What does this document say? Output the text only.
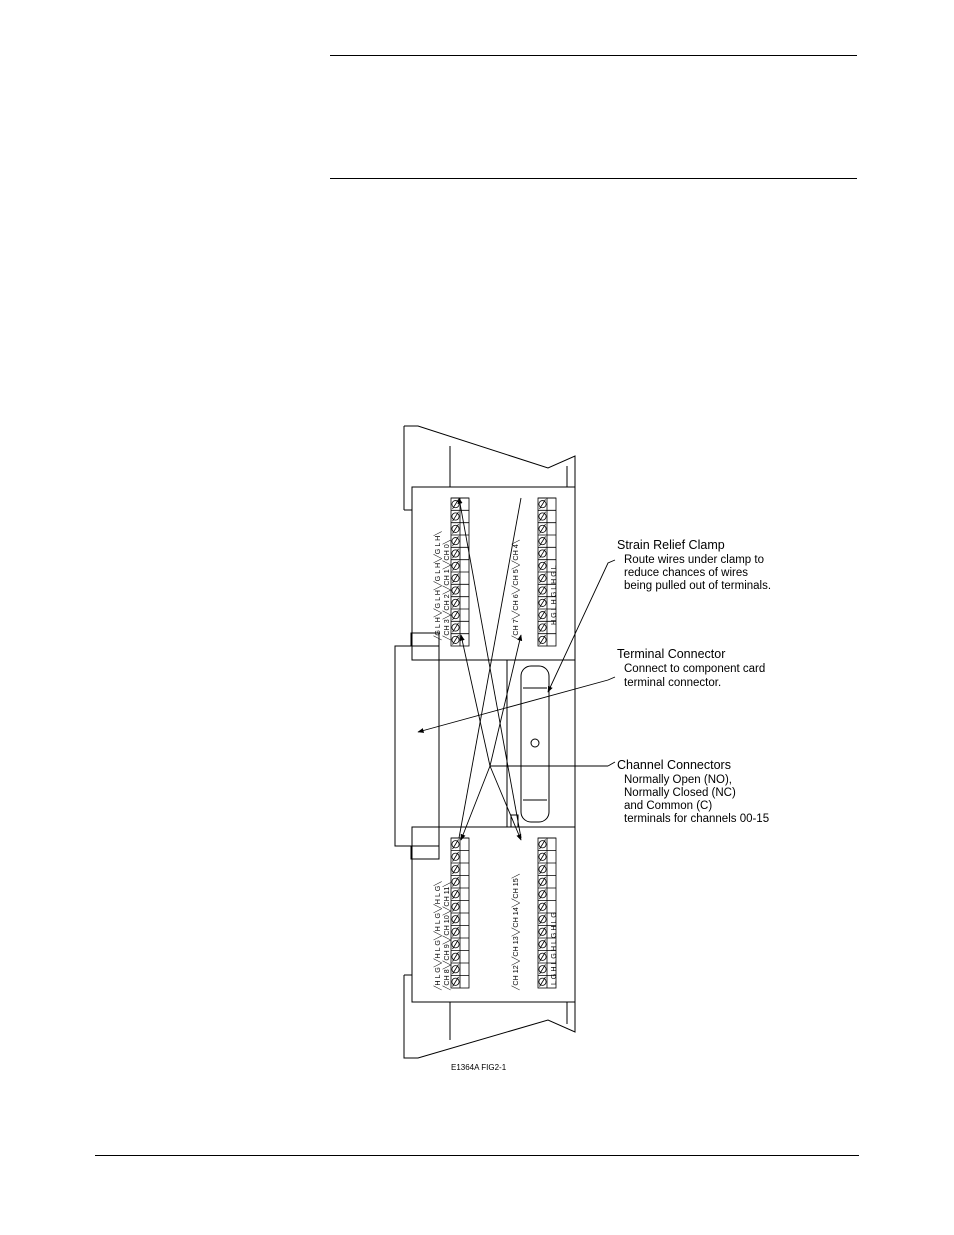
╱CH 3╲╱CH 2╲╱CH 1╲╱CH 0╲
╱G L H╲╱G L H╲╱G L H╲╱G L H╲	╱CH 7╲╱CH 6╲╱CH 5╲╱CH 4╲	H G L H G L H G L
╱CH 8╲╱CH 9╲╱CH 10╲╱CH 11╲
╱H L G╲╱H L G╲╱H L G╲╱H L G╲	╱CH 12╲╱CH 13╲╱CH 14╲╱CH 15╲	L G H L G H L G H L G
Strain Relief Clamp
Route wires under clamp to
reduce chances of wires
being pulled out of terminals.
Terminal Connector
Connect to component card
terminal connector.
Channel Connectors
Normally Open (NO),
Normally Closed (NC)
and Common (C)
terminals for channels 00-15
E1364A FIG2-1
